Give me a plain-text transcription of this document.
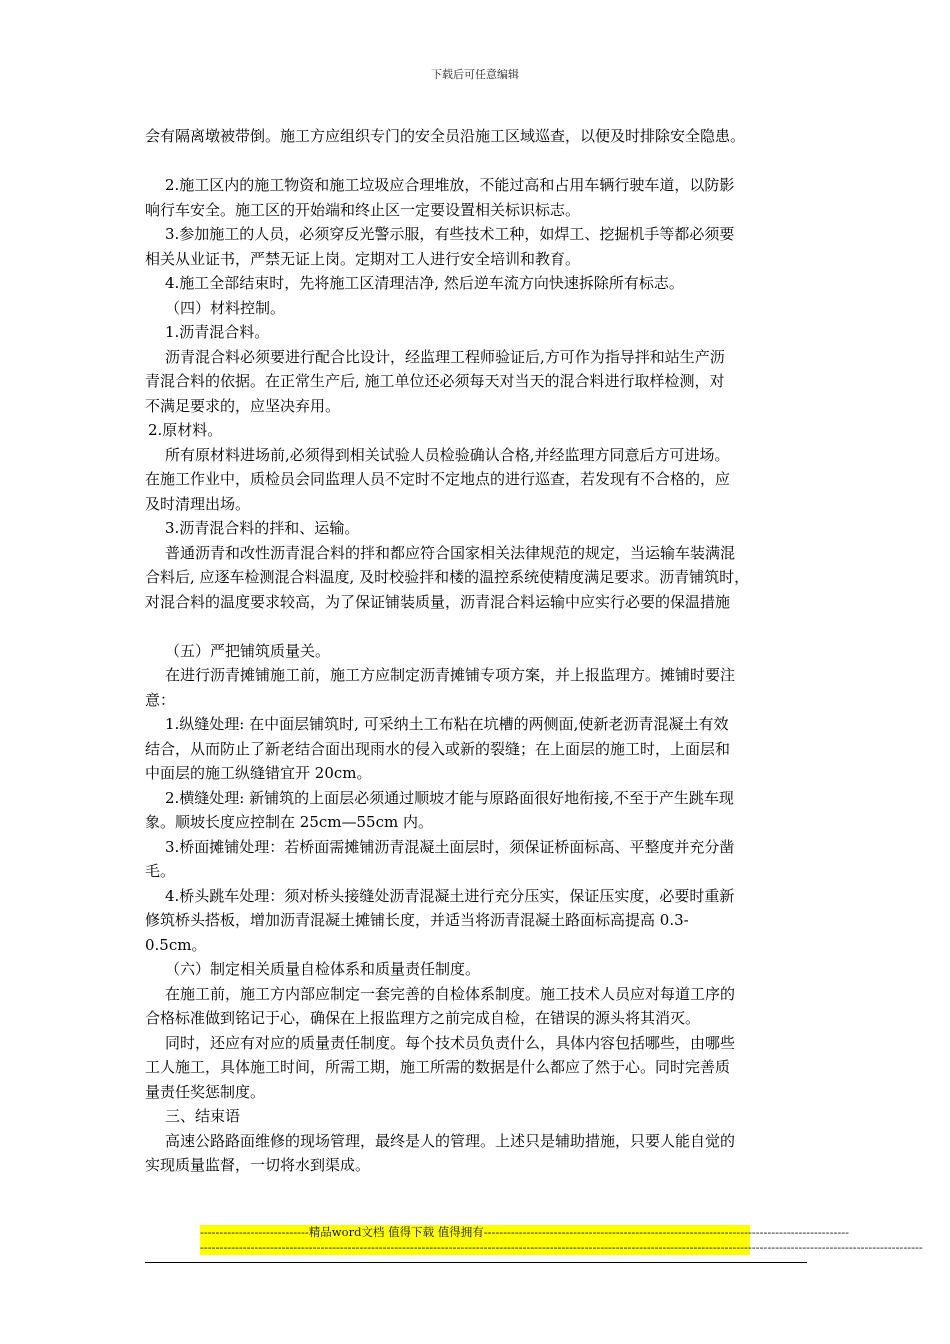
下载后可任意编辑
会有隔离墩被带倒。施工方应组织专门的安全员沿施工区域巡查，以便及时排除安全隐患。
2.施工区内的施工物资和施工垃圾应合理堆放，不能过高和占用车辆行驶车道，以防影
响行车安全。施工区的开始端和终止区一定要设置相关标识标志。
3.参加施工的人员，必须穿反光警示服，有些技术工种，如焊工、挖掘机手等都必须要
相关从业证书，严禁无证上岗。定期对工人进行安全培训和教育。
4.施工全部结束时，先将施工区清理洁净, 然后逆车流方向快速拆除所有标志。
（四）材料控制。
1.沥青混合料。
沥青混合料必须要进行配合比设计，经监理工程师验证后,方可作为指导拌和站生产沥
青混合料的依据。在正常生产后, 施工单位还必须每天对当天的混合料进行取样检测，对
不满足要求的，应坚决弃用。
2.原材料。
所有原材料进场前,必须得到相关试验人员检验确认合格,并经监理方同意后方可进场。
在施工作业中，质检员会同监理人员不定时不定地点的进行巡查，若发现有不合格的，应
及时清理出场。
3.沥青混合料的拌和、运输。
普通沥青和改性沥青混合料的拌和都应符合国家相关法律规范的规定，当运输车装满混
合料后, 应逐车检测混合料温度, 及时校验拌和楼的温控系统使精度满足要求。沥青铺筑时，
对混合料的温度要求较高，为了保证铺装质量，沥青混合料运输中应实行必要的保温措施
（五）严把铺筑质量关。
在进行沥青摊铺施工前，施工方应制定沥青摊铺专项方案，并上报监理方。摊铺时要注
意：
1.纵缝处理: 在中面层铺筑时, 可采纳土工布粘在坑槽的两侧面,使新老沥青混凝土有效
结合，从而防止了新老结合面出现雨水的侵入或新的裂缝；在上面层的施工时，上面层和
中面层的施工纵缝错宜开 20cm。
2.横缝处理: 新铺筑的上面层必须通过顺坡才能与原路面很好地衔接,不至于产生跳车现
象。顺坡长度应控制在 25cm—55cm 内。
3.桥面摊铺处理：若桥面需摊铺沥青混凝土面层时，须保证桥面标高、平整度并充分凿
毛。
4.桥头跳车处理：须对桥头接缝处沥青混凝土进行充分压实，保证压实度，必要时重新
修筑桥头搭板，增加沥青混凝土摊铺长度，并适当将沥青混凝土路面标高提高 0.3-
0.5cm。
（六）制定相关质量自检体系和质量责任制度。
在施工前，施工方内部应制定一套完善的自检体系制度。施工技术人员应对每道工序的
合格标准做到铭记于心，确保在上报监理方之前完成自检，在错误的源头将其消灭。
同时，还应有对应的质量责任制度。每个技术员负责什么，具体内容包括哪些，由哪些
工人施工，具体施工时间，所需工期，施工所需的数据是什么都应了然于心。同时完善质
量责任奖惩制度。
三、结束语
高速公路路面维修的现场管理，最终是人的管理。上述只是辅助措施，只要人能自觉的
实现质量监督，一切将水到渠成。
----------------------------精品word文档 值得下载 值得拥有----------------------------------------------------------------------------------------------
------------------------------------------------------------------------------------------------------------------------------------------------------------------------------------------
